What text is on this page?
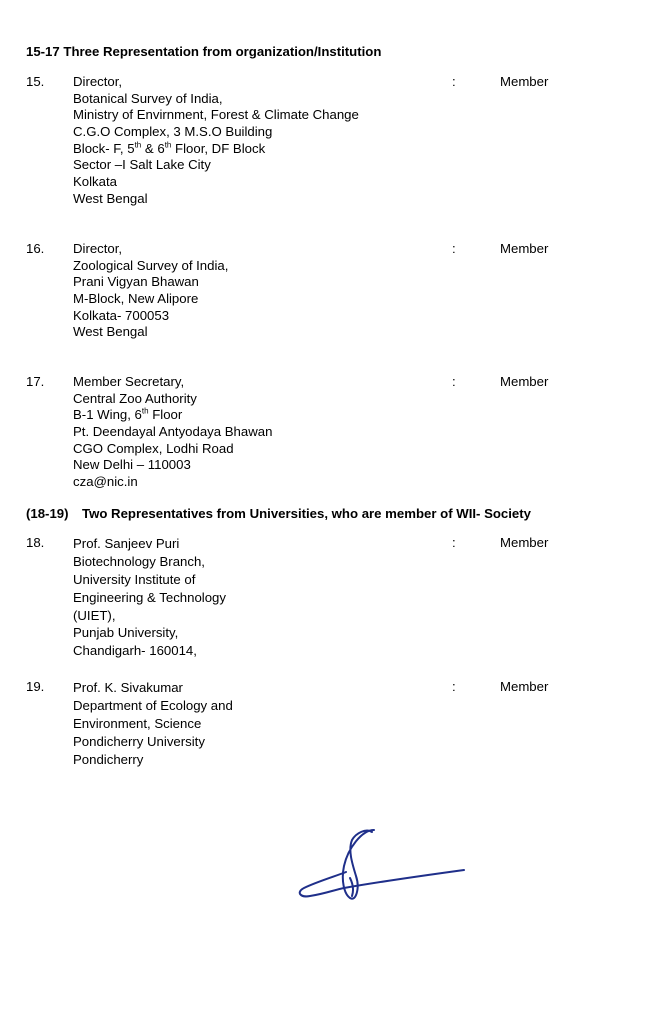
15-17 Three Representation from organization/Institution
15. Director,
Botanical Survey of India,
Ministry of Envirnment, Forest & Climate Change
C.G.O Complex, 3 M.S.O Building
Block- F, 5th & 6th Floor, DF Block
Sector –I Salt Lake City
Kolkata
West Bengal
:	Member
16. Director,
Zoological Survey of India,
Prani Vigyan Bhawan
M-Block, New Alipore
Kolkata- 700053
West Bengal
:	Member
17. Member Secretary,
Central Zoo Authority
B-1 Wing, 6th Floor
Pt. Deendayal Antyodaya Bhawan
CGO Complex, Lodhi Road
New Delhi – 110003
cza@nic.in
:	Member
(18-19) Two Representatives from Universities, who are member of WII- Society
18. Prof. Sanjeev Puri
Biotechnology Branch,
University Institute of
Engineering & Technology
(UIET),
Punjab University,
Chandigarh- 160014,
:	Member
19. Prof. K. Sivakumar
Department of Ecology and
Environment, Science
Pondicherry University
Pondicherry
:	Member
